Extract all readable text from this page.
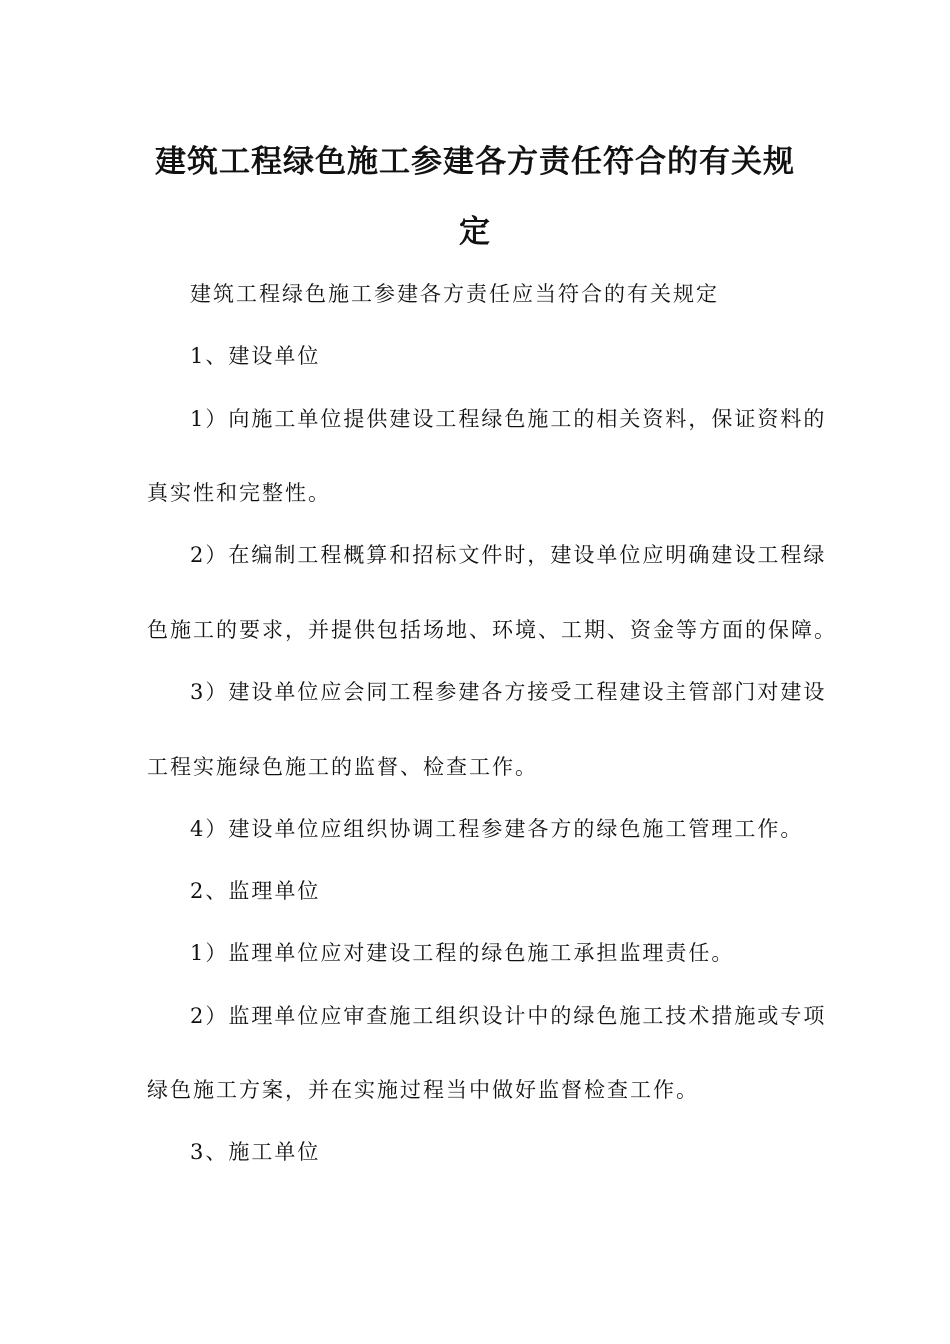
建筑工程绿色施工参建各方责任符合的有关规
定
建筑工程绿色施工参建各方责任应当符合的有关规定
1、建设单位
1）向施工单位提供建设工程绿色施工的相关资料，保证资料的
真实性和完整性。
2）在编制工程概算和招标文件时，建设单位应明确建设工程绿
色施工的要求，并提供包括场地、环境、工期、资金等方面的保障。
3）建设单位应会同工程参建各方接受工程建设主管部门对建设
工程实施绿色施工的监督、检查工作。
4）建设单位应组织协调工程参建各方的绿色施工管理工作。
2、监理单位
1）监理单位应对建设工程的绿色施工承担监理责任。
2）监理单位应审查施工组织设计中的绿色施工技术措施或专项
绿色施工方案，并在实施过程当中做好监督检查工作。
3、施工单位
